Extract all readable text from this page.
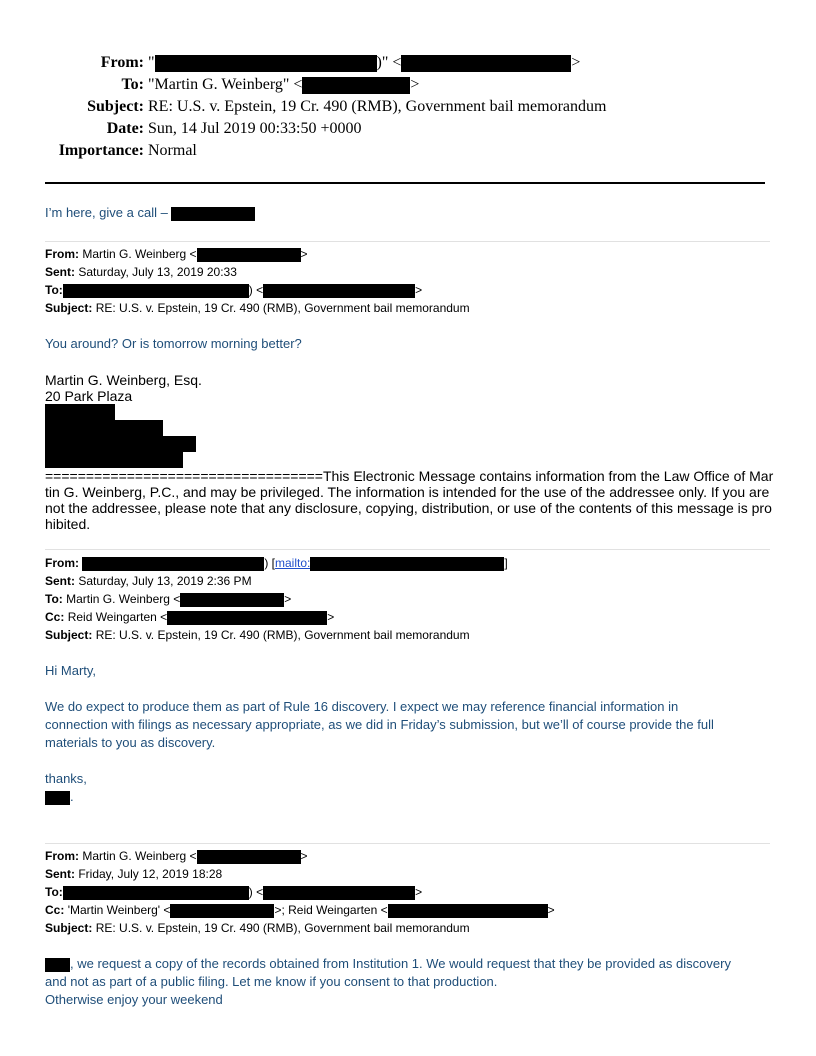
From: "	)" <	>
To: "Martin G. Weinberg" <	>
Subject: RE: U.S. v. Epstein, 19 Cr. 490 (RMB), Government bail memorandum
Date: Sun, 14 Jul 2019 00:33:50 +0000
Importance: Normal
I’m here, give a call –
From: Martin G. Weinberg <	>
Sent: Saturday, July 13, 2019 20:33
To:	) <	>
Subject: RE: U.S. v. Epstein, 19 Cr. 490 (RMB), Government bail memorandum
You around? Or is tomorrow morning better?
Martin G. Weinberg, Esq.
20 Park Plaza
==================================This Electronic Message contains information from the Law Office of Martin G. Weinberg, P.C., and may be privileged. The information is intended for the use of the addressee only. If you are not the addressee, please note that any disclosure, copying, distribution, or use of the contents of this message is prohibited.
From:	) [mailto:	]
Sent: Saturday, July 13, 2019 2:36 PM
To: Martin G. Weinberg <	>
Cc: Reid Weingarten <	>
Subject: RE: U.S. v. Epstein, 19 Cr. 490 (RMB), Government bail memorandum
Hi Marty,
We do expect to produce them as part of Rule 16 discovery. I expect we may reference financial information in
connection with filings as necessary appropriate, as we did in Friday’s submission, but we’ll of course provide the full
materials to you as discovery.
thanks,
.
From: Martin G. Weinberg <	>
Sent: Friday, July 12, 2019 18:28
To:	) <	>
Cc: 'Martin Weinberg' <	>; Reid Weingarten <	>
Subject: RE: U.S. v. Epstein, 19 Cr. 490 (RMB), Government bail memorandum
, we request a copy of the records obtained from Institution 1. We would request that they be provided as discovery
and not as part of a public filing. Let me know if you consent to that production.
Otherwise enjoy your weekend
